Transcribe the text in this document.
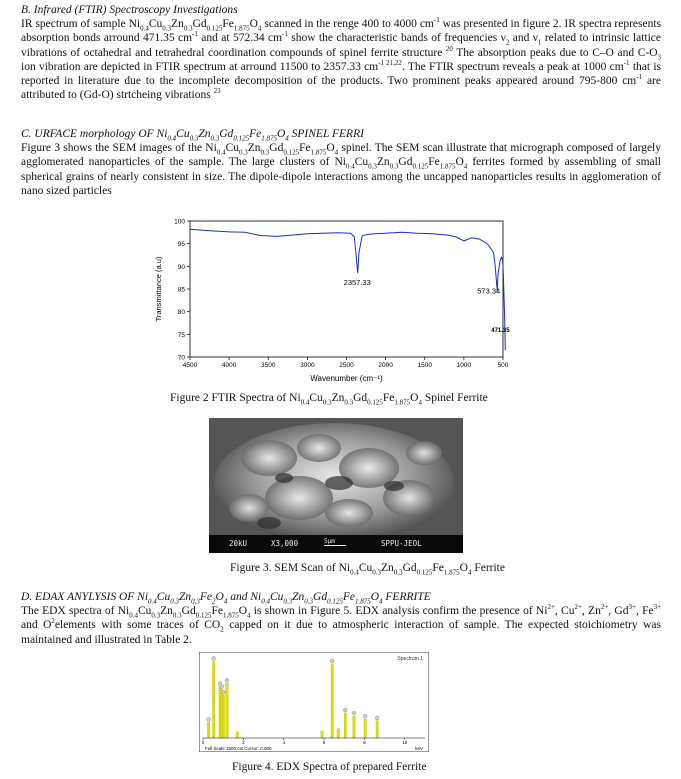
B. Infrared (FTIR) Spectroscopy Investigations

IR spectrum of sample $Ni_{0.4}Cu_{0.3}Zn_{0.3}Gd_{0.125}Fe_{1.875}O_4$ scanned in the renge 400 to 4000 $cm^{-1}$ was presented in figure 2. IR spectra represents absorption bonds arround 471.35 $cm^{-1}$ and at 572.34 $cm^{-1}$ show the characteristic bands of frequencies $\nu_2$ and $\nu_1$ related to intrinsic lattice vibrations of octahedral and tetrahedral coordination compounds of spinel ferrite structure $^{20}$ The absorption peaks due to C–O and $C-O_3$ ion vibration are depicted in FTIR spectrum at arround 11500 to 2357.33 $cm^{-1 21,22}$. The FTIR spectrum reveals a peak at 1000 $cm^{-1}$ that is reported in literature due to the incomplete decomposition of the products. Two prominent peaks appeared around 795-800 $cm^{-1}$ are attributed to (Gd-O) strtcheing vibrations $^{23}$

C. URFACE morphology OF $Ni_{0.4}Cu_{0.3}Zn_{0.3}Gd_{0.125}Fe_{1.875}O_4$ SPINEL FERRI

Figure 3 shows the SEM images of the $Ni_{0.4}Cu_{0.3}Zn_{0.3}Gd_{0.125}Fe_{1.875}O_4$ spinel. The SEM scan illustrate that micrograph composed of largely agglomerated nanoparticles of the sample. The large clusters of $Ni_{0.4}Cu_{0.3}Zn_{0.3}Gd_{0.125}Fe_{1.875}O_4$ ferrites formed by assembling of small spherical grains of nearly consistent in size. The dipole-dipole interactions among the uncapped nanoparticles results in agglomeration of nano sized particles

70
75
80
85
90
95
100
4500	4000	3500	3000	2500	2000	1500	1000	500
Wavenumber (cm⁻¹)
Transmittance (a.u)	2357.33
573.34
471.35
Figure 2 FTIR Spectra of $Ni_{0.4}Cu_{0.3}Zn_{0.3}Gd_{0.125}Fe_{1.875}O_4$ Spinel Ferrite
20kU	X3,000	5μm	SPPU-JEOL
Figure 3. SEM Scan of $Ni_{0.4}Cu_{0.3}Zn_{0.3}Gd_{0.125}Fe_{1.875}O_4$ Ferrite

D. EDAX ANYLYSIS OF $Ni_{0.4}Cu_{0.3}Zn_{0.3}Fe_2O_4$ and $Ni_{0.4}Cu_{0.3}Zn_{0.3}Gd_{0.125}Fe_{1.875}O_4$ FERRITE

The EDX spectra of $Ni_{0.4}Cu_{0.3}Zn_{0.3}Gd_{0.125}Fe_{1.875}O_4$ is shown in Figure 5. EDX analysis confirm the presence of $Ni^{2+}$, $Cu^{2+}$, $Zn^{2+}$, $Gd^{3+}$, $Fe^{3+}$ and $O^2elements$ with some traces of $CO_2$ capped on it due to atmospheric interaction of sample. The expected stoichiometry was maintained and illustrated in Table 2.

Spectrum 1
0	2	4	6	8	10
Full Scale 1500 cts Cursor: 0.000	keV
Figure 4. EDX Spectra of prepared Ferrite
